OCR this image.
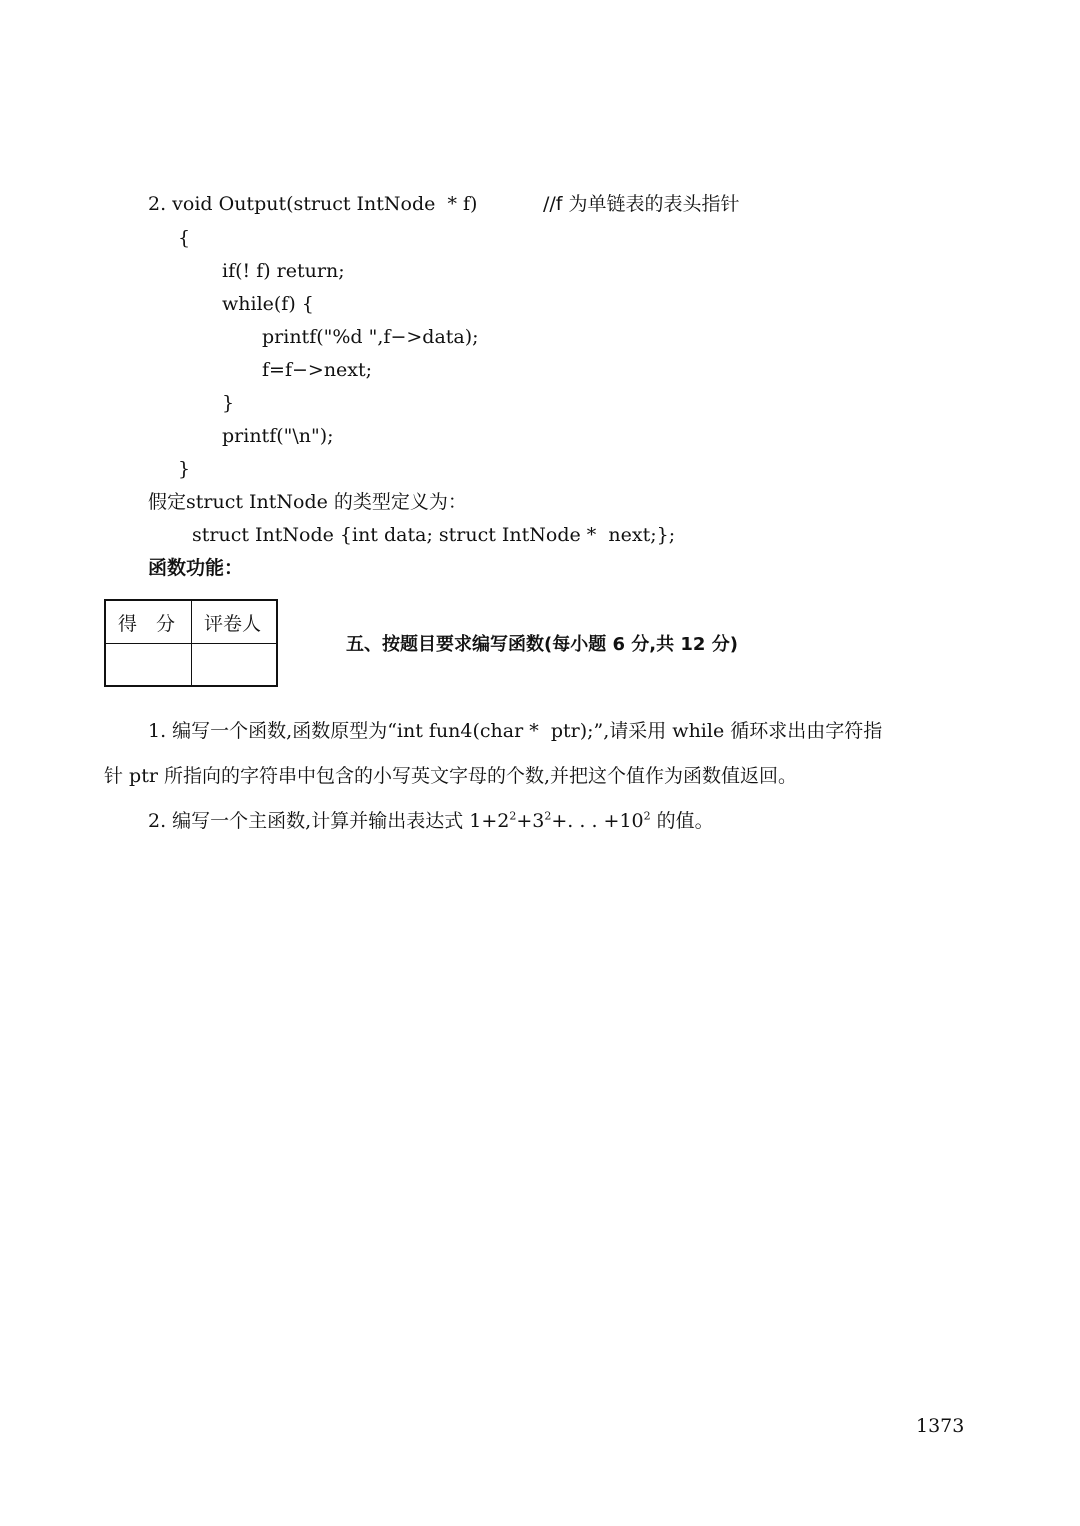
2. void Output(struct IntNode  * f)	//f 为单链表的表头指针
{
if(! f) return;
while(f) {
printf("%d ",f−>data);
f=f−>next;
}
printf("\n");
}
假定struct IntNode 的类型定义为：
struct IntNode {int data; struct IntNode *  next;};
函数功能：
得　分 评卷人
五、按题目要求编写函数(每小题 6 分,共 12 分)
1. 编写一个函数,函数原型为“int fun4(char *  ptr);”,请采用 while 循环求出由字符指
针 ptr 所指向的字符串中包含的小写英文字母的个数,并把这个值作为函数值返回。
2. 编写一个主函数,计算并输出表达式 $1+2^2+3^2+$. . . $+10^2$ 的值。
1373
